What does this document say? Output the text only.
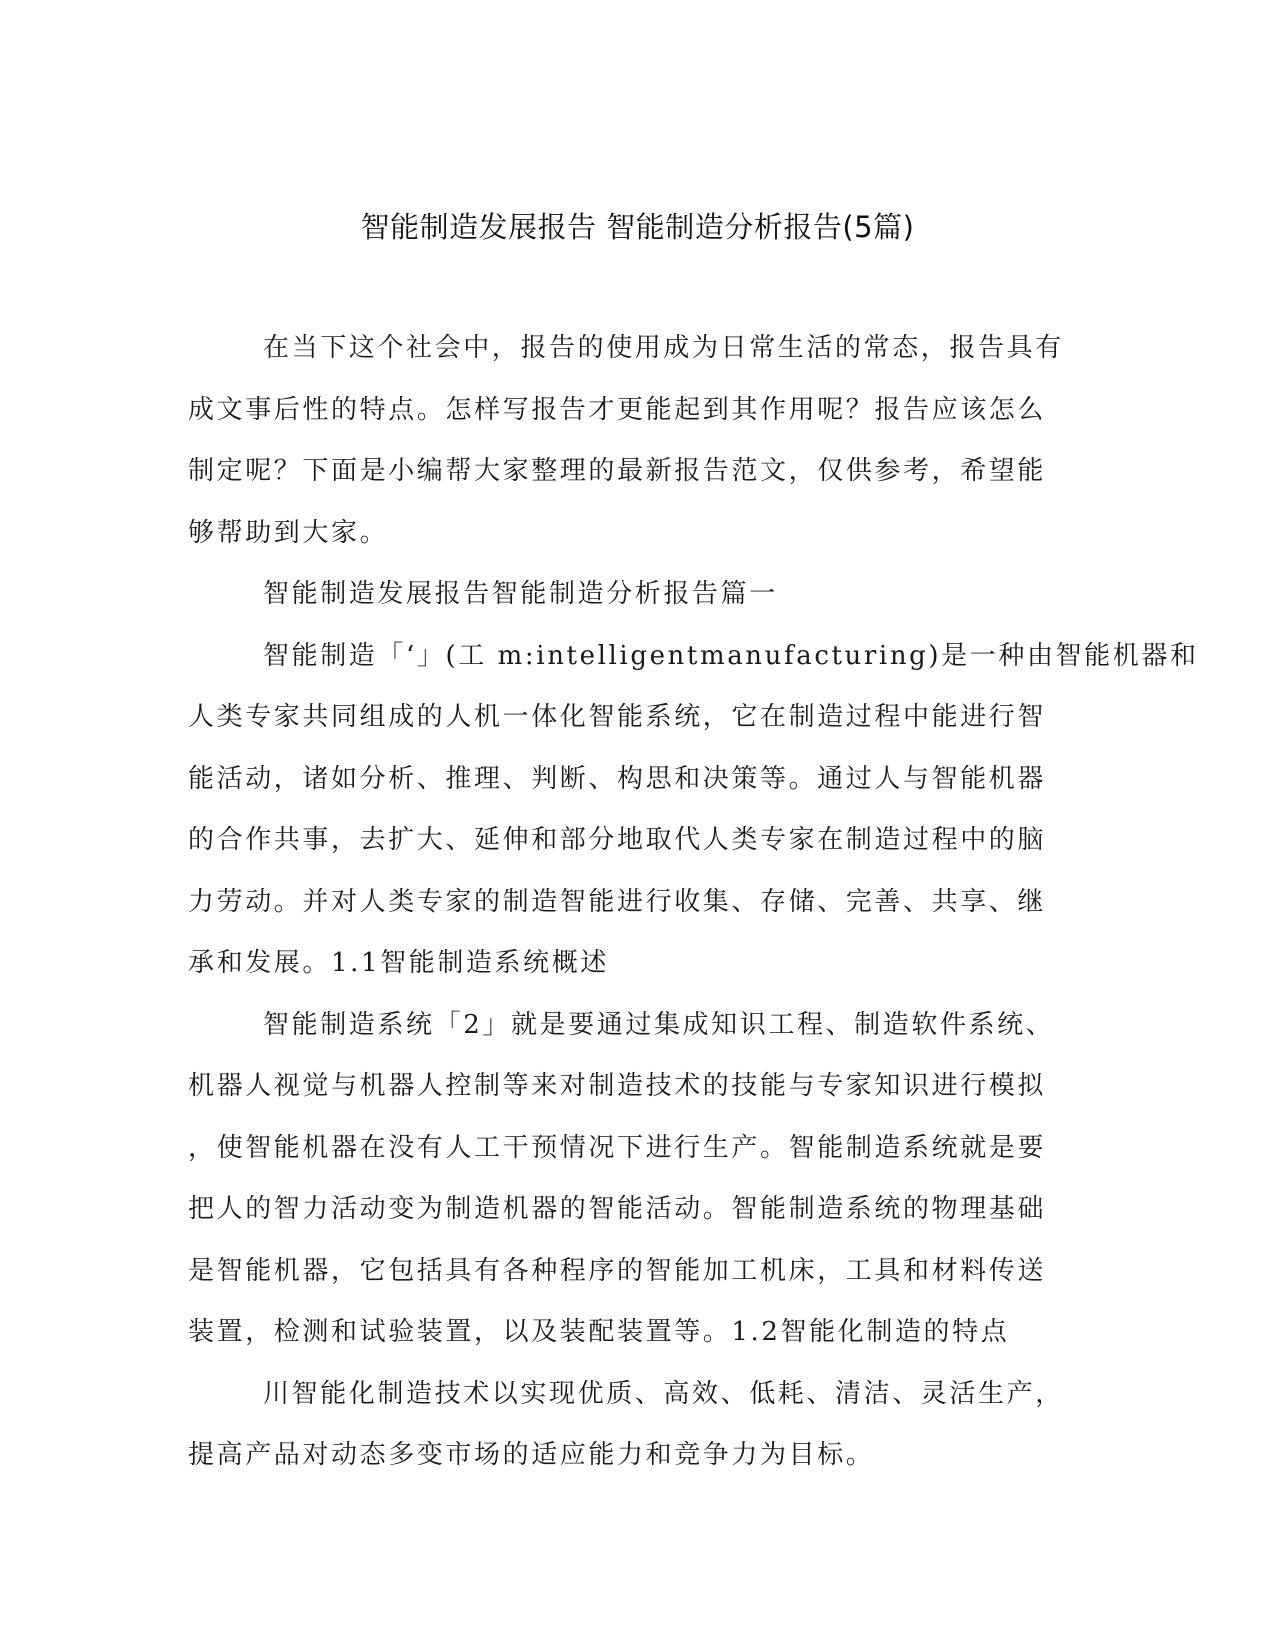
智能制造发展报告 智能制造分析报告(5篇)
在当下这个社会中，报告的使用成为日常生活的常态，报告具有
成文事后性的特点。怎样写报告才更能起到其作用呢？报告应该怎么
制定呢？下面是小编帮大家整理的最新报告范文，仅供参考，希望能
够帮助到大家。
智能制造发展报告智能制造分析报告篇一
智能制造「‘」(工 m:intelligentmanufacturing)是一种由智能机器和
人类专家共同组成的人机一体化智能系统，它在制造过程中能进行智
能活动，诸如分析、推理、判断、构思和决策等。通过人与智能机器
的合作共事，去扩大、延伸和部分地取代人类专家在制造过程中的脑
力劳动。并对人类专家的制造智能进行收集、存储、完善、共享、继
承和发展。1.1智能制造系统概述
智能制造系统「2」就是要通过集成知识工程、制造软件系统、
机器人视觉与机器人控制等来对制造技术的技能与专家知识进行模拟
，使智能机器在没有人工干预情况下进行生产。智能制造系统就是要
把人的智力活动变为制造机器的智能活动。智能制造系统的物理基础
是智能机器，它包括具有各种程序的智能加工机床，工具和材料传送
装置，检测和试验装置，以及装配装置等。1.2智能化制造的特点
川智能化制造技术以实现优质、高效、低耗、清洁、灵活生产，
提高产品对动态多变市场的适应能力和竞争力为目标。
